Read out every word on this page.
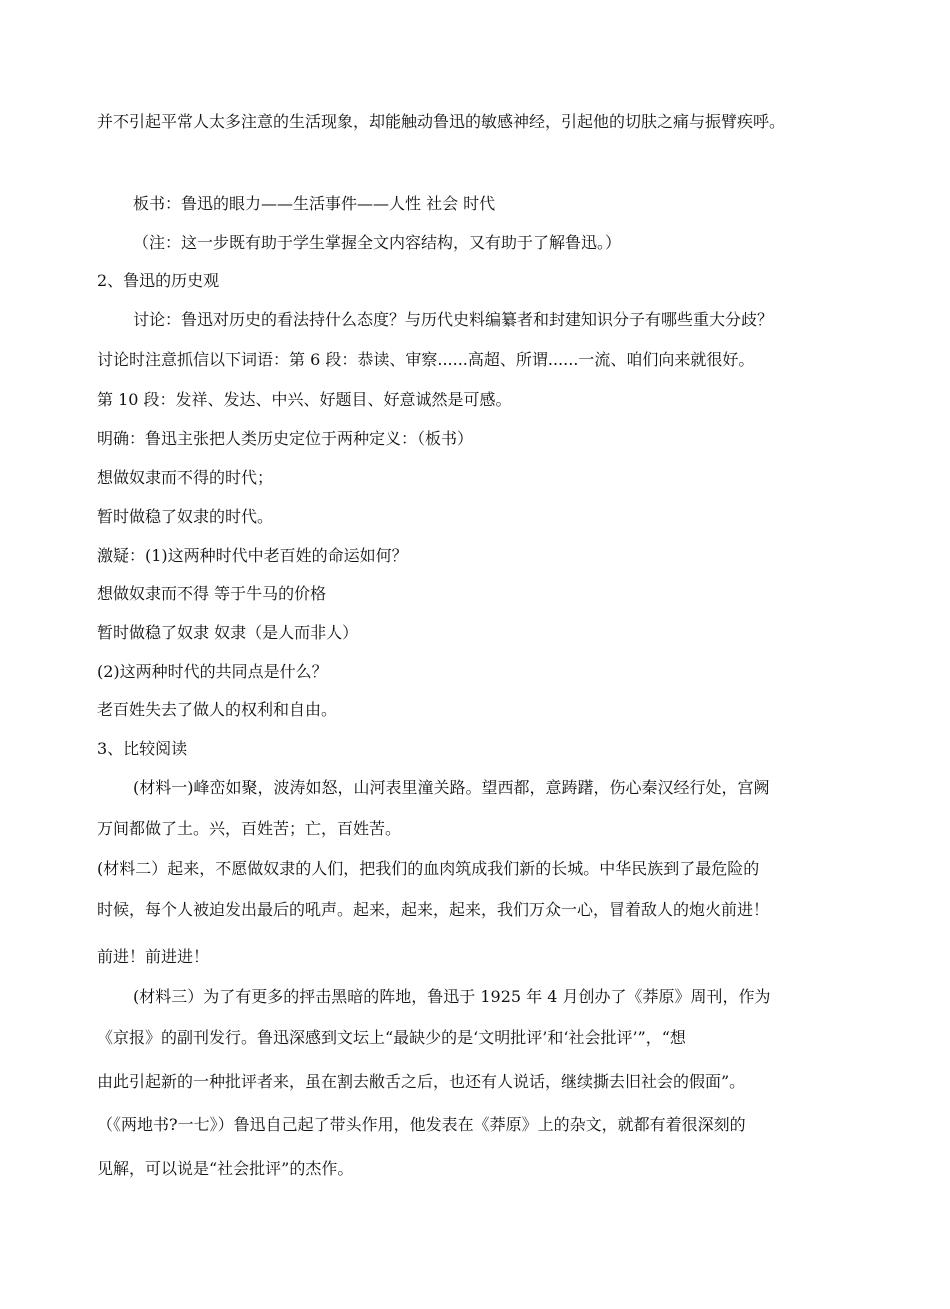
并不引起平常人太多注意的生活现象，却能触动鲁迅的敏感神经，引起他的切肤之痛与振臂疾呼。
板书：鲁迅的眼力——生活事件——人性 社会 时代
（注：这一步既有助于学生掌握全文内容结构，又有助于了解鲁迅。）
2、鲁迅的历史观
讨论：鲁迅对历史的看法持什么态度？与历代史料编纂者和封建知识分子有哪些重大分歧？
讨论时注意抓信以下词语：第 6 段：恭读、审察......高超、所谓......一流、咱们向来就很好。
第 10 段：发祥、发达、中兴、好题目、好意诚然是可感。
明确：鲁迅主张把人类历史定位于两种定义：（板书）
想做奴隶而不得的时代；
暂时做稳了奴隶的时代。
激疑：(1)这两种时代中老百姓的命运如何？
想做奴隶而不得 等于牛马的价格
暂时做稳了奴隶 奴隶（是人而非人）
(2)这两种时代的共同点是什么？
老百姓失去了做人的权利和自由。
3、比较阅读
(材料一)峰峦如聚，波涛如怒，山河表里潼关路。望西都，意踌躇，伤心秦汉经行处，宫阙
万间都做了土。兴，百姓苦；亡，百姓苦。
(材料二）起来，不愿做奴隶的人们，把我们的血肉筑成我们新的长城。中华民族到了最危险的
时候，每个人被迫发出最后的吼声。起来，起来，起来，我们万众一心，冒着敌人的炮火前进！
前进！前进进！
(材料三）为了有更多的抨击黑暗的阵地，鲁迅于 1925 年 4 月创办了《莽原》周刊，作为
《京报》的副刊发行。鲁迅深感到文坛上“最缺少的是‘文明批评’和‘社会批评’”，“想
由此引起新的一种批评者来，虽在割去敝舌之后，也还有人说话，继续撕去旧社会的假面”。
（《两地书?一七》）鲁迅自己起了带头作用，他发表在《莽原》上的杂文，就都有着很深刻的
见解，可以说是“社会批评”的杰作。
